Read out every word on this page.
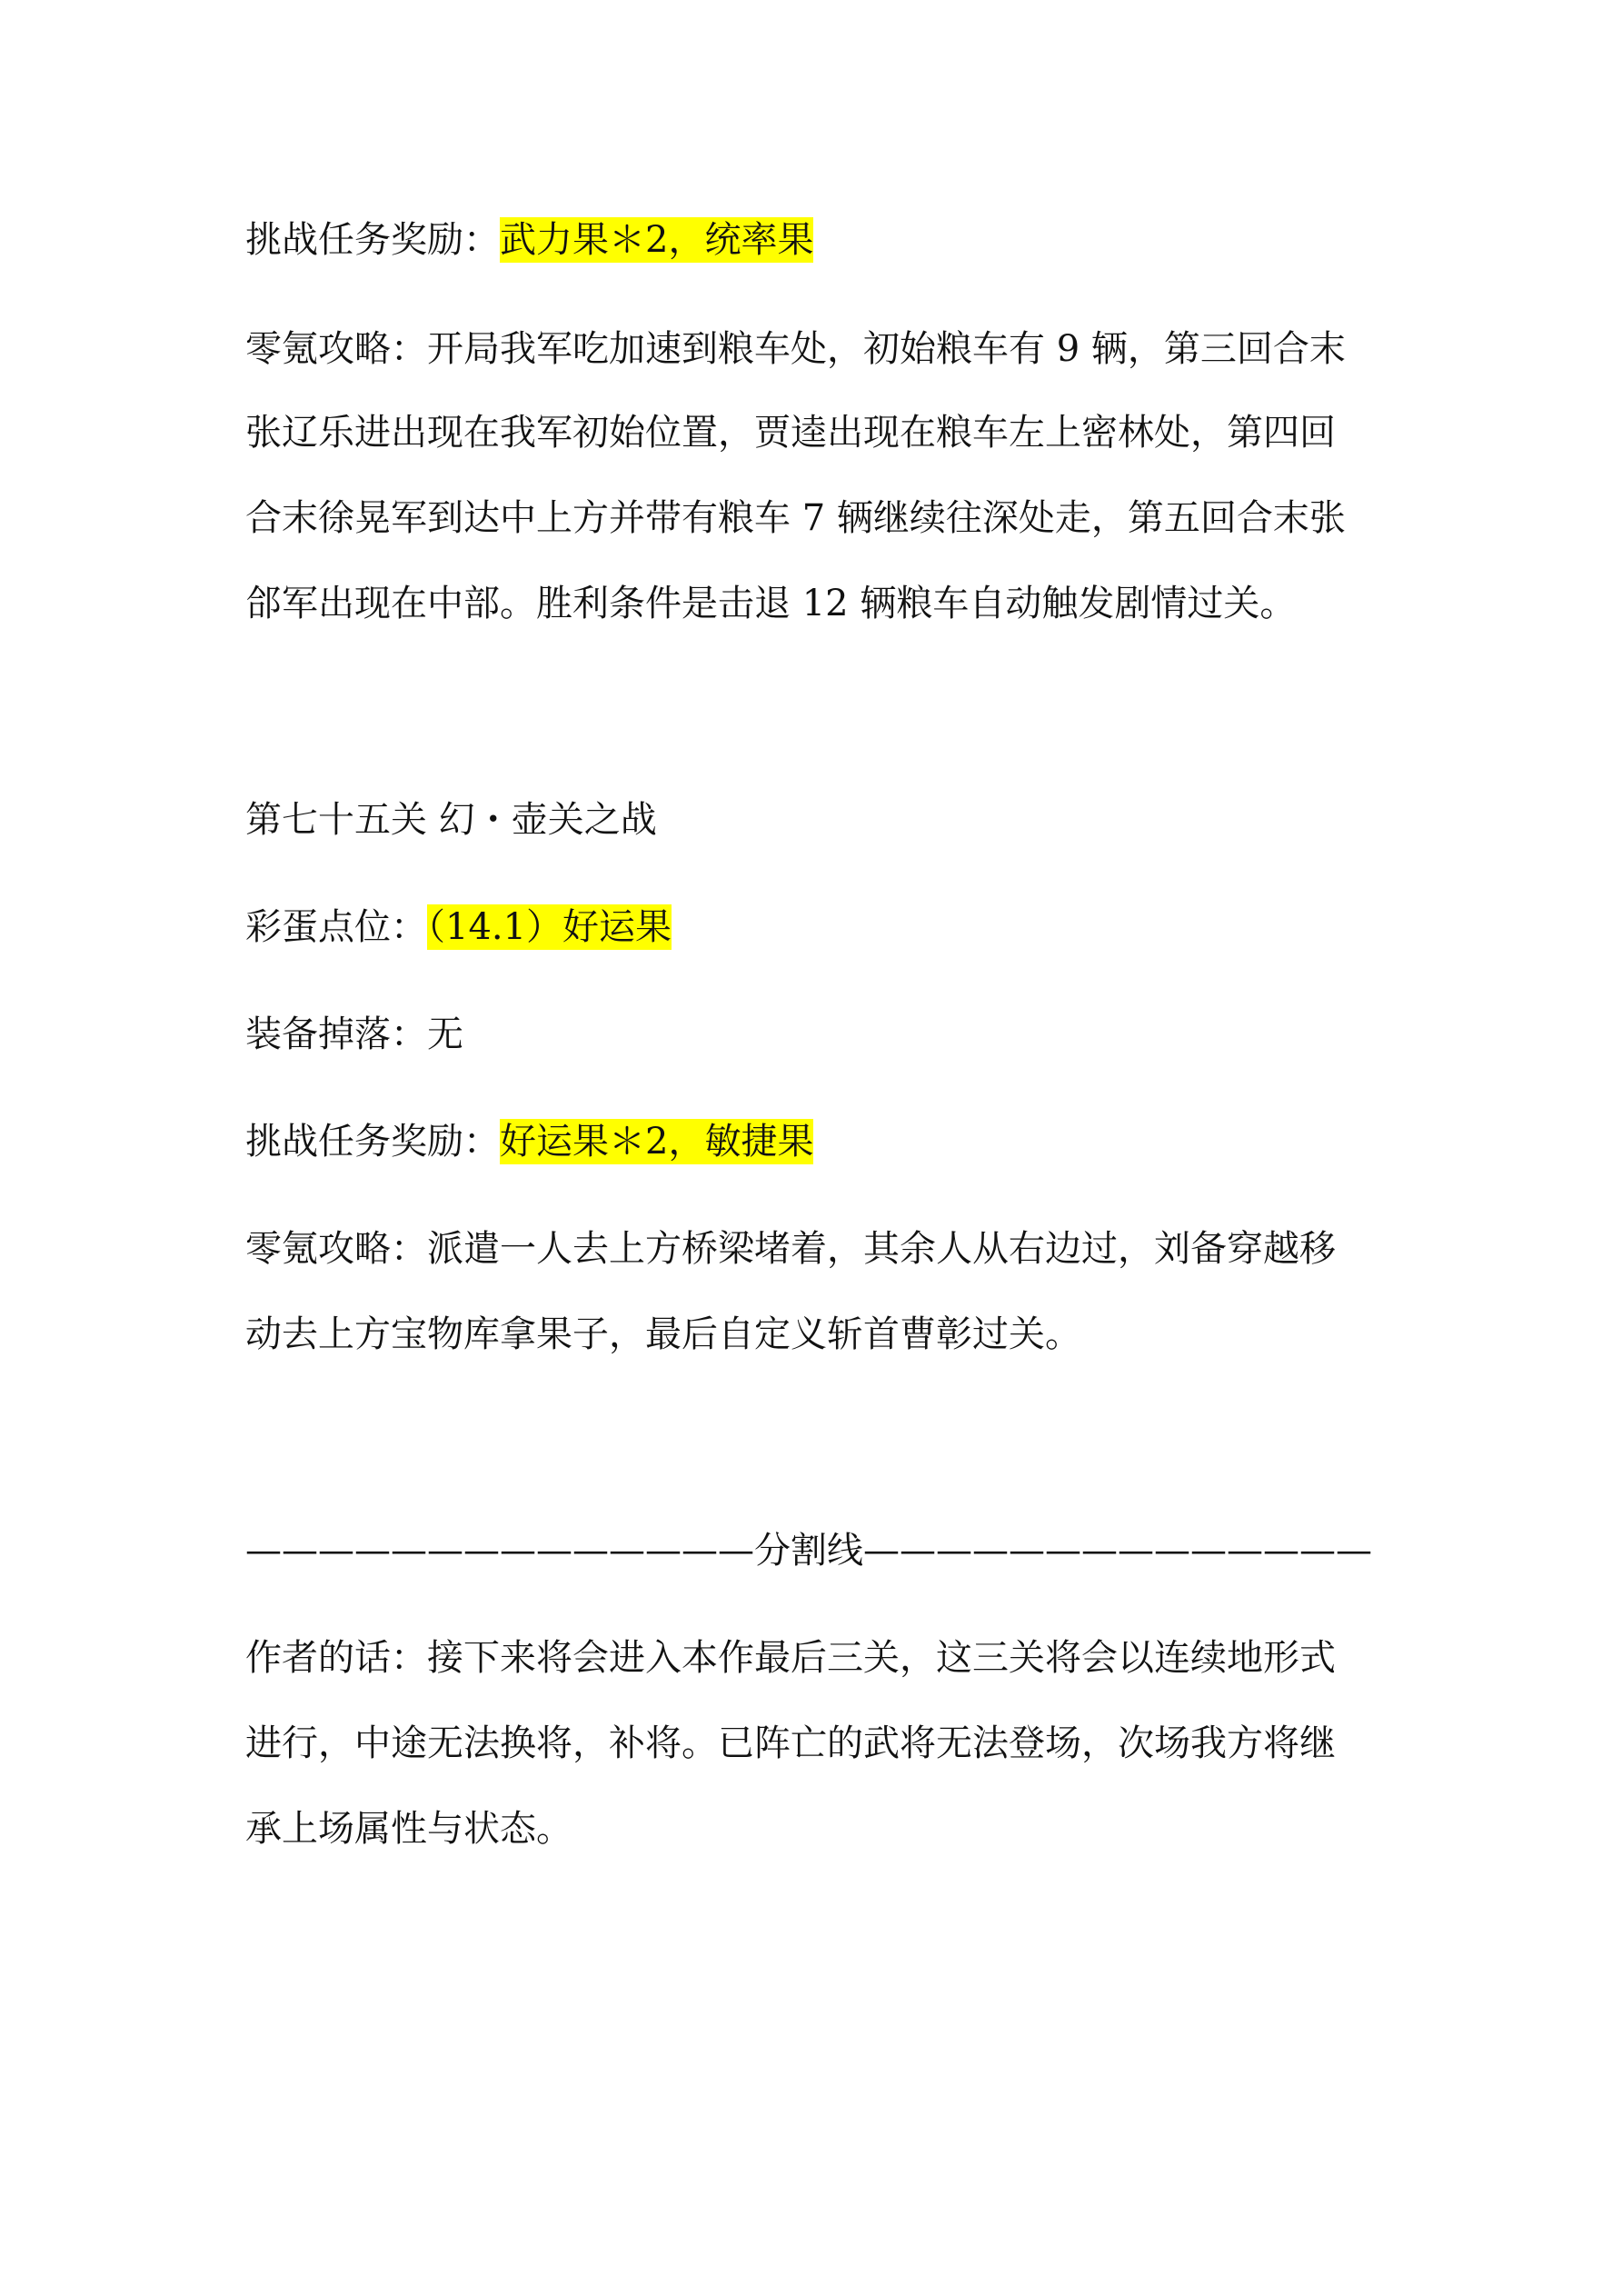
挑战任务奖励：武力果＊2，统率果
零氪攻略：开局我军吃加速到粮车处，初始粮车有 9 辆，第三回合末
张辽乐进出现在我军初始位置，贾逵出现在粮车左上密林处，第四回
合末徐晃军到达中上方并带有粮车 7 辆继续往深处走，第五回合末张
郃军出现在中部。胜利条件是击退 12 辆粮车自动触发剧情过关。
第七十五关 幻・壶关之战
彩蛋点位：（14.1）好运果
装备掉落：无
挑战任务奖励：好运果＊2，敏捷果
零氪攻略：派遣一人去上方桥梁堵着，其余人从右边过，刘备穿越移
动去上方宝物库拿果子，最后自定义斩首曹彰过关。
——————————————分割线——————————————
作者的话：接下来将会进入本作最后三关，这三关将会以连续地形式
进行，中途无法换将，补将。已阵亡的武将无法登场，次场我方将继
承上场属性与状态。
